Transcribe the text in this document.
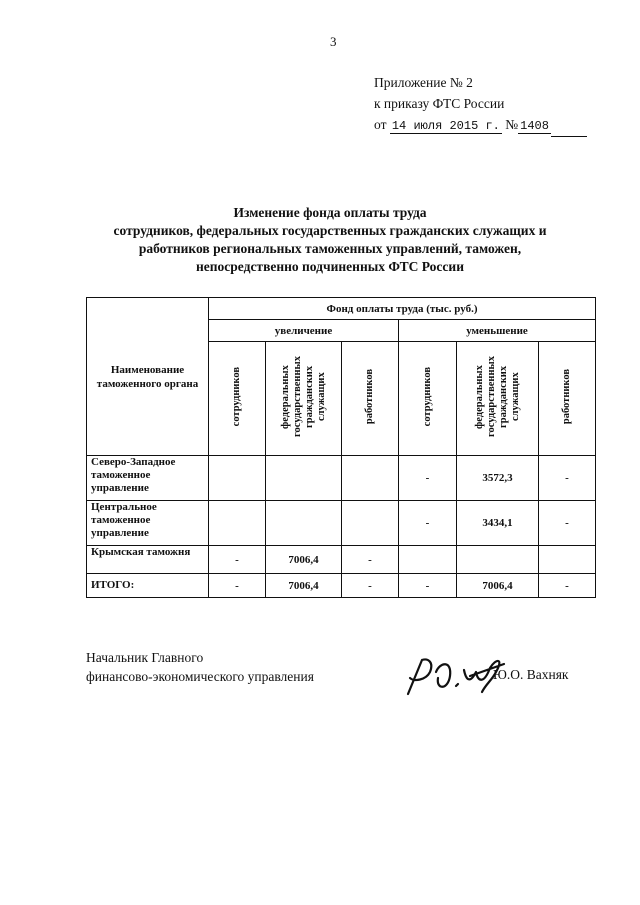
3
Приложение № 2
к приказу ФТС России
от 14 июля 2015 г. № 1408
Изменение фонда оплаты труда
сотрудников, федеральных государственных гражданских служащих и
работников региональных таможенных управлений, таможен,
непосредственно подчиненных ФТС России
Наименование таможенного органа	Фонд оплаты труда (тыс. руб.)					
	увеличение			уменьшение		
	сотрудников	федеральных государственных гражданских служащих	работников	сотрудников	федеральных государственных гражданских служащих	работников
Северо-Западное таможенное управление				-	3572,3	-
Центральное таможенное управление				-	3434,1	-
Крымская таможня	-	7006,4	-			
ИТОГО:	-	7006,4	-	-	7006,4	-
Начальник Главного
финансово-экономического управления	Ю.О. Вахняк
